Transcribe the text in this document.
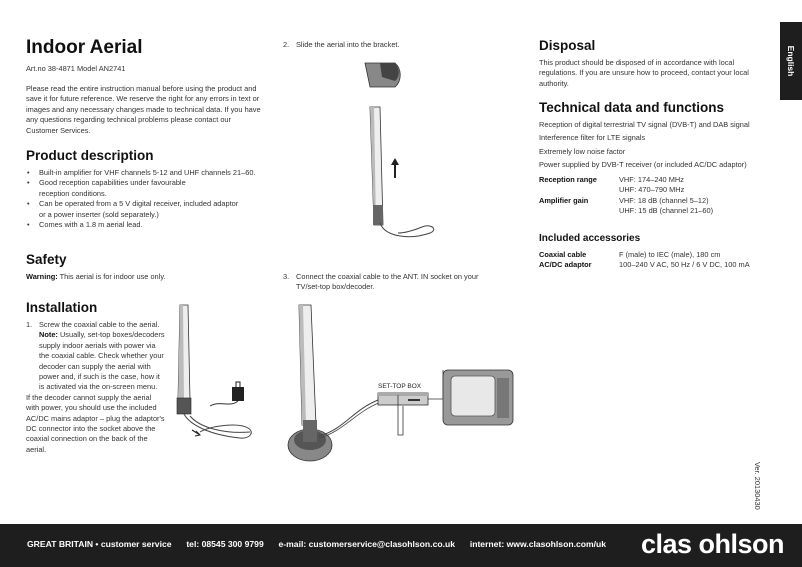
English
Indoor Aerial
Art.no 38-4871 Model AN2741
Please read the entire instruction manual before using the product and save it for future reference. We reserve the right for any errors in text or images and any necessary changes made to technical data. If you have any questions regarding technical problems please contact our Customer Services.
Product description
• Built-in amplifier for VHF channels 5-12 and UHF channels 21–60.
• Good reception capabilities under favourable reception conditions.
• Can be operated from a 5 V digital receiver, included adaptor or a power inserter (sold separately.)
• Comes with a 1.8 m aerial lead.
Safety
Warning: This aerial is for indoor use only.
Installation
1. Screw the coaxial cable to the aerial. Note: Usually, set-top boxes/decoders supply indoor aerials with power via the coaxial cable. Check whether your decoder can supply the aerial with power and, if such is the case, how it is activated via the on-screen menu.
If the decoder cannot supply the aerial with power, you should use the included AC/DC mains adaptor – plug the adaptor's DC connector into the socket above the coaxial connection on the back of the aerial.
2. Slide the aerial into the bracket.
3. Connect the coaxial cable to the ANT. IN socket on your TV/set-top box/decoder.
SET-TOP BOX
Disposal
This product should be disposed of in accordance with local regulations. If you are unsure how to proceed, contact your local authority.
Technical data and functions
Reception of digital terrestrial TV signal (DVB-T) and DAB signal
Interference filter for LTE signals
Extremely low noise factor
Power supplied by DVB-T receiver (or included AC/DC adaptor)
Reception range	VHF: 174–240 MHz
UHF: 470–790 MHz

Amplifier gain	VHF: 18 dB (channel 5–12)
UHF: 15 dB (channel 21–60)
Included accessories
Coaxial cable	F (male) to IEC (male), 180 cm
AC/DC adaptor	100–240 V AC, 50 Hz / 6 V DC, 100 mA
Ver. 20130430
GREAT BRITAIN • customer service tel: 08545 300 9799 e-mail: customerservice@clasohlson.co.uk internet: www.clasohlson.com/uk clas ohlson
